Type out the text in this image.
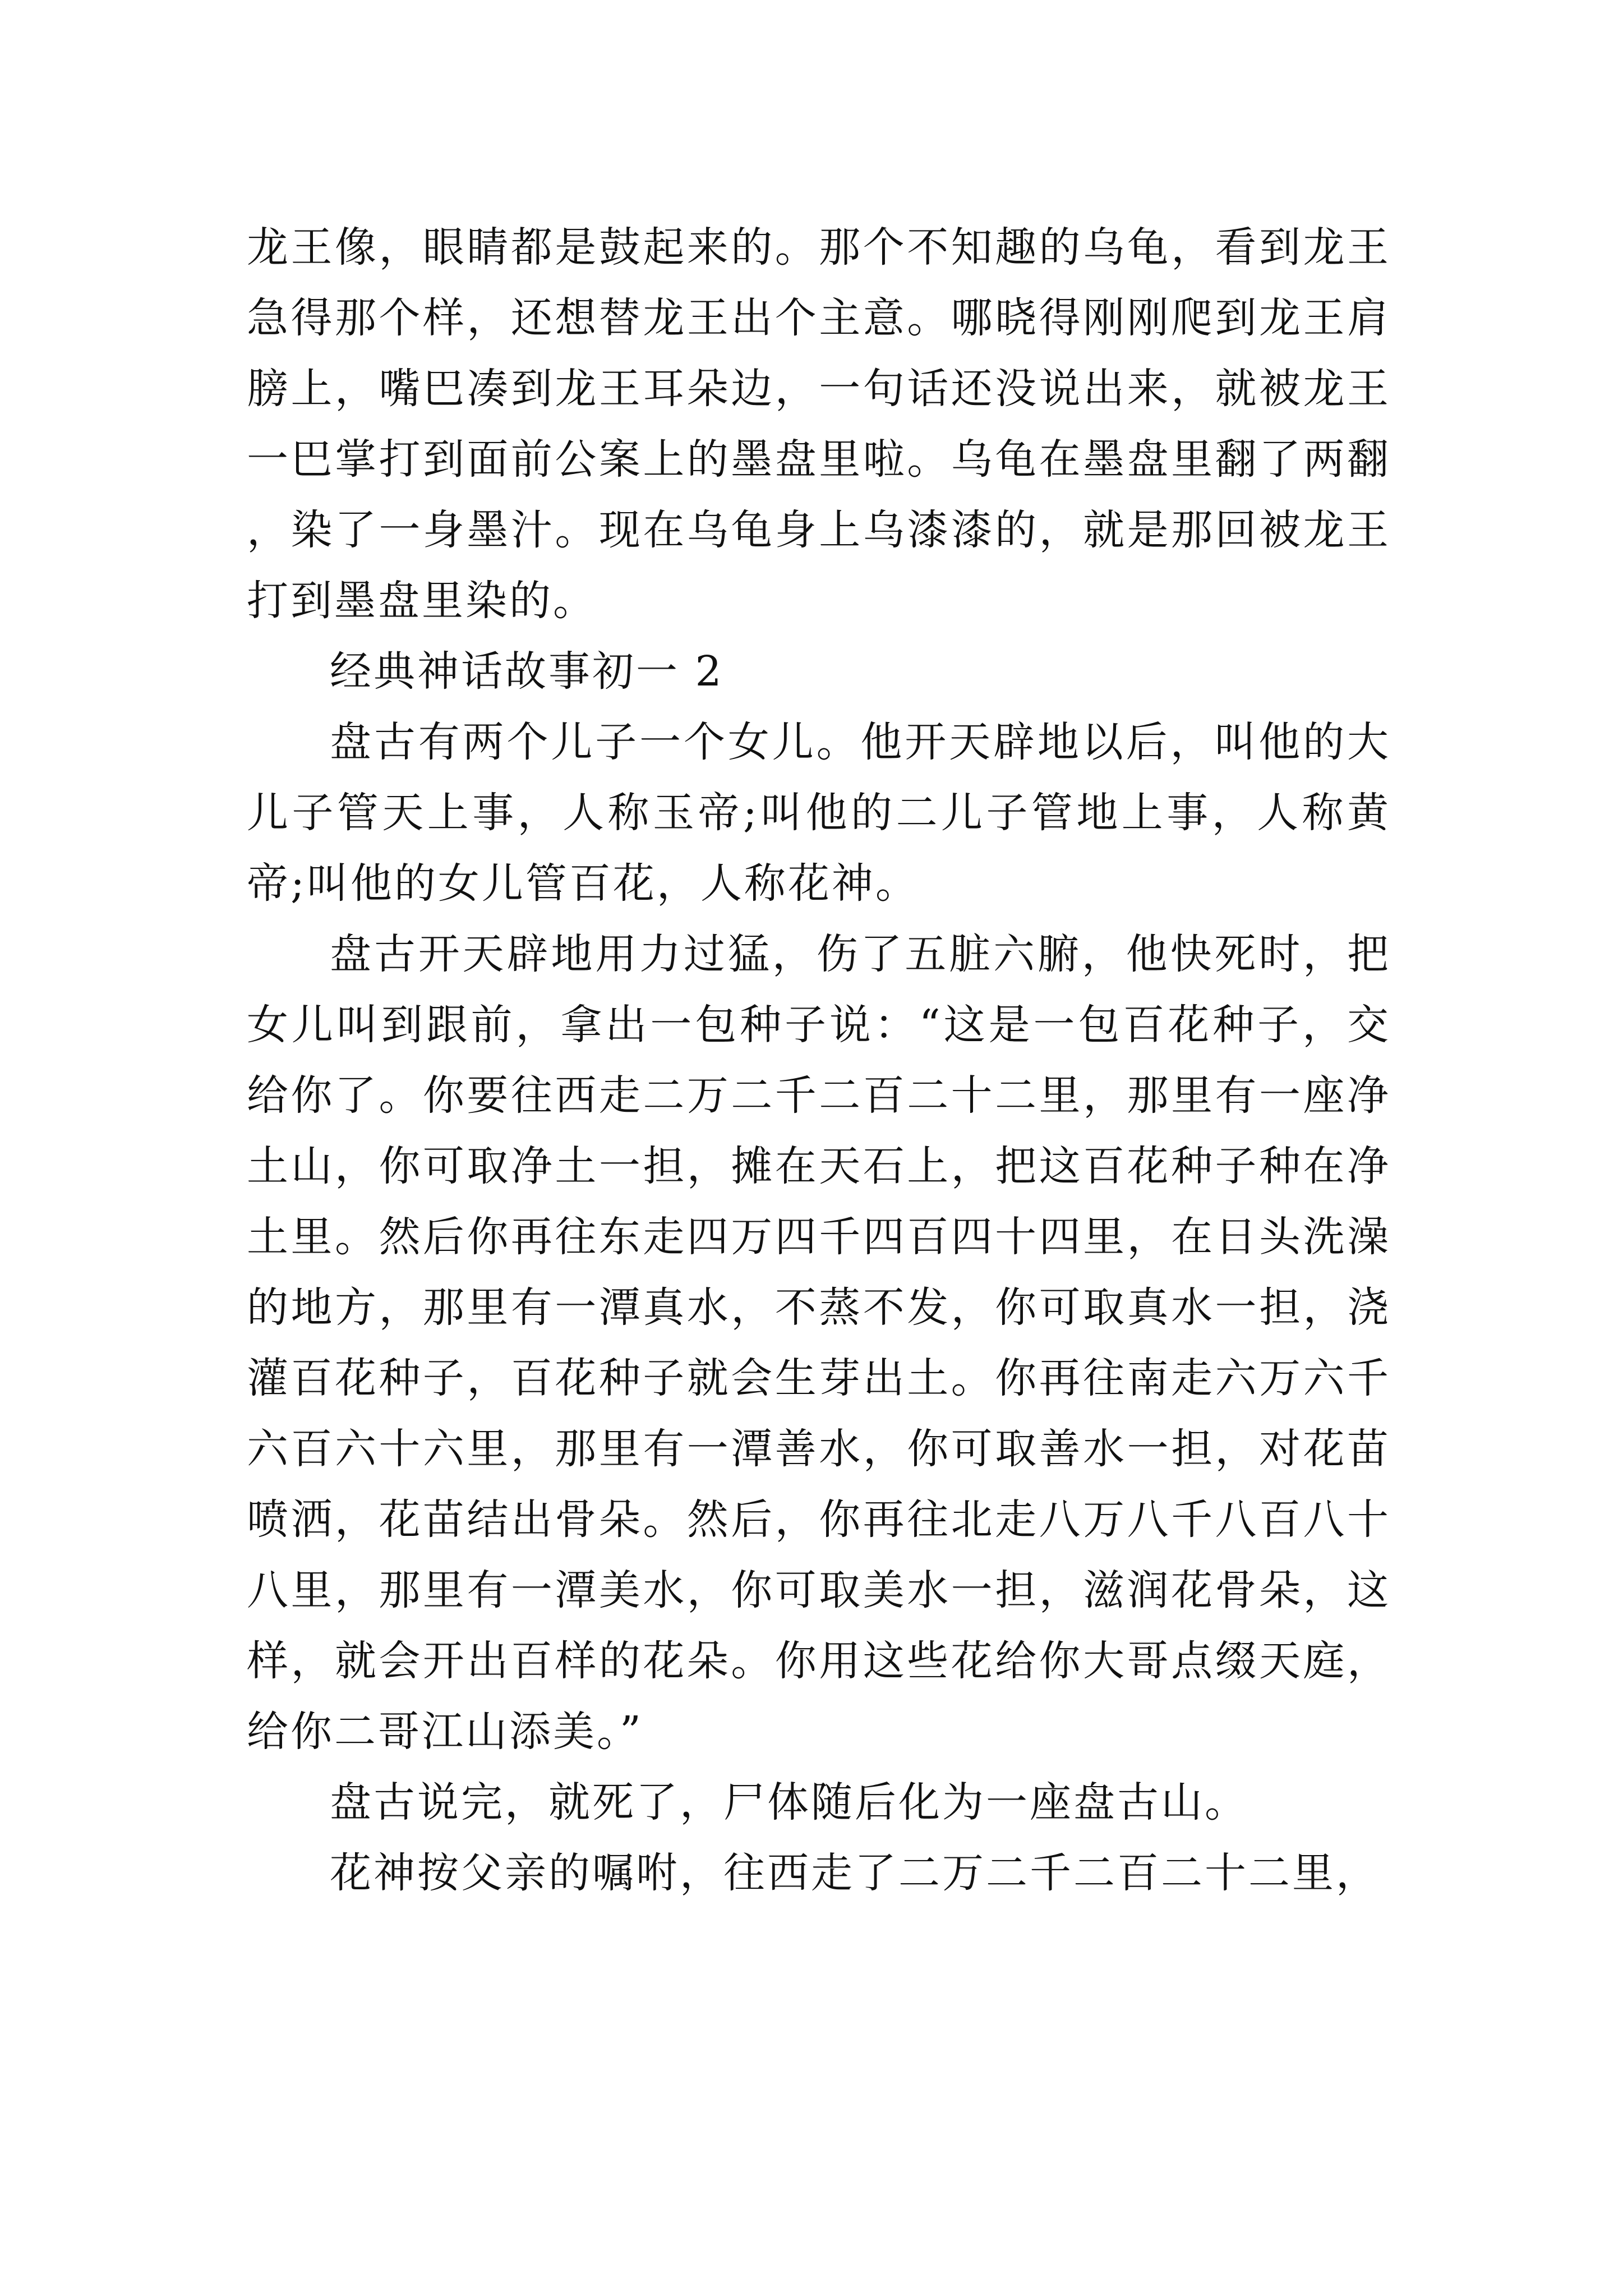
龙王像，眼睛都是鼓起来的。那个不知趣的乌龟，看到龙王急得那个样，还想替龙王出个主意。哪晓得刚刚爬到龙王肩膀上，嘴巴凑到龙王耳朵边，一句话还没说出来，就被龙王一巴掌打到面前公案上的墨盘里啦。乌龟在墨盘里翻了两翻，染了一身墨汁。现在乌龟身上乌漆漆的，就是那回被龙王打到墨盘里染的。

经典神话故事初一 2

盘古有两个儿子一个女儿。他开天辟地以后，叫他的大儿子管天上事，人称玉帝;叫他的二儿子管地上事，人称黄帝;叫他的女儿管百花，人称花神。

盘古开天辟地用力过猛，伤了五脏六腑，他快死时，把女儿叫到跟前，拿出一包种子说：“这是一包百花种子，交给你了。你要往西走二万二千二百二十二里，那里有一座净土山，你可取净土一担，摊在天石上，把这百花种子种在净土里。然后你再往东走四万四千四百四十四里，在日头洗澡的地方，那里有一潭真水，不蒸不发，你可取真水一担，浇灌百花种子，百花种子就会生芽出土。你再往南走六万六千六百六十六里，那里有一潭善水，你可取善水一担，对花苗喷洒，花苗结出骨朵。然后，你再往北走八万八千八百八十八里，那里有一潭美水，你可取美水一担，滋润花骨朵，这样，就会开出百样的花朵。你用这些花给你大哥点缀天庭，给你二哥江山添美。”

盘古说完，就死了，尸体随后化为一座盘古山。

花神按父亲的嘱咐，往西走了二万二千二百二十二里，
